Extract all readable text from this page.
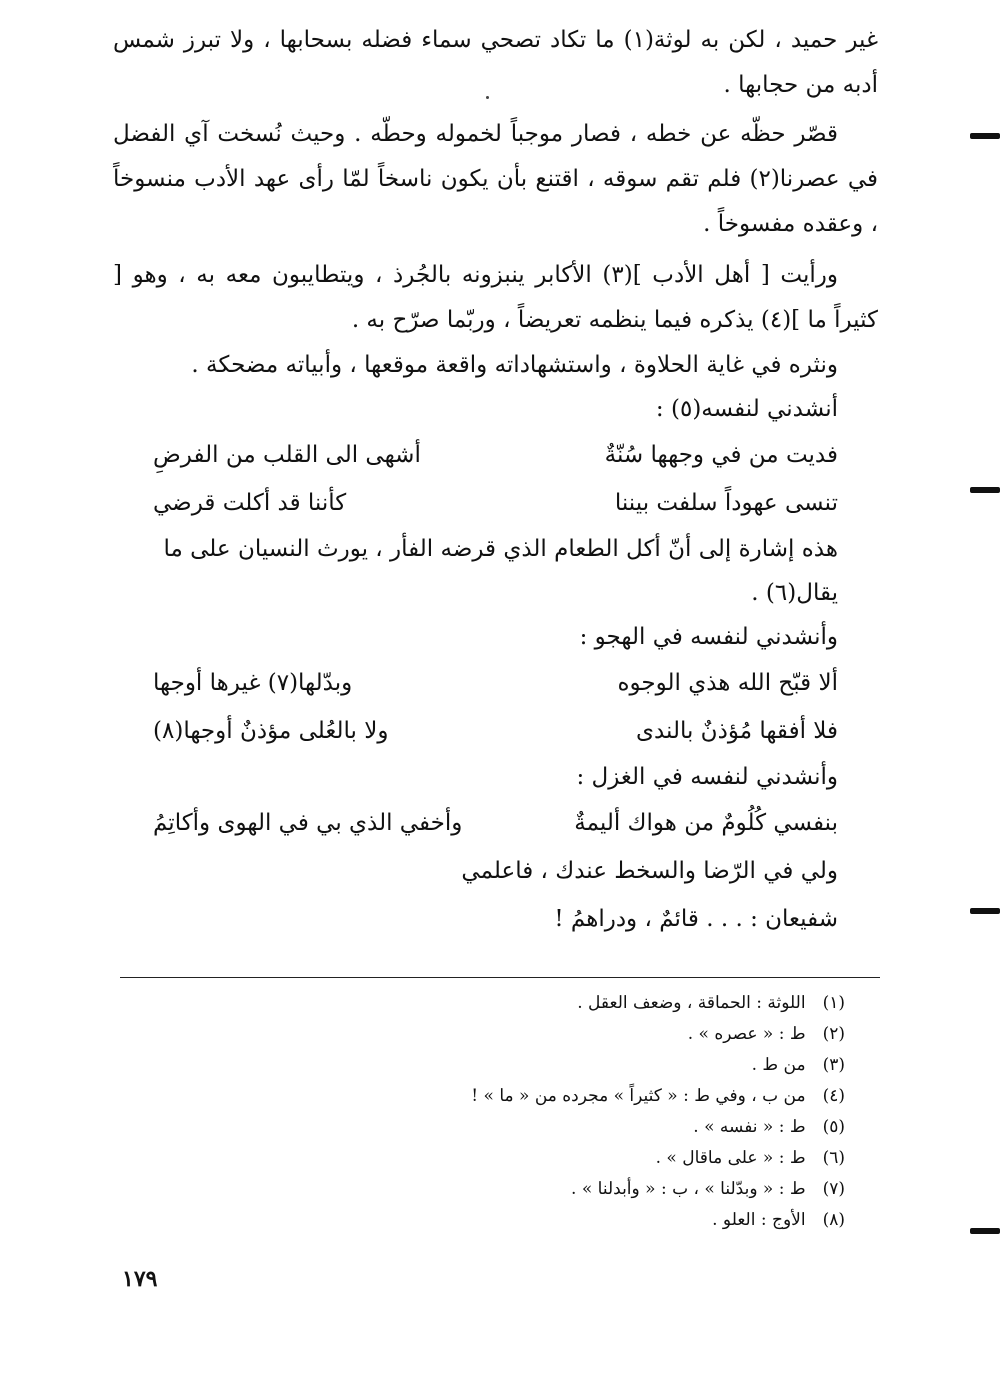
غير حميد ، لكن به لوثة(١) ما تكاد تصحي سماء فضله بسحابها ، ولا تبرز شمس أدبه من حجابها .

قصّر حظّه عن خطه ، فصار موجباً لخموله وحطّه . وحيث نُسخت آي الفضل في عصرنا(٢) فلم تقم سوقه ، اقتنع بأن يكون ناسخاً لمّا رأى عهد الأدب منسوخاً ، وعقده مفسوخاً .

ورأيت [ أهل الأدب ](٣) الأكابر ينبزونه بالجُرذ ، ويتطايبون معه به ، وهو [ كثيراً ما ](٤) يذكره فيما ينظمه تعريضاً ، وربّما صرّح به .

ونثره في غاية الحلاوة ، واستشهاداته واقعة موقعها ، وأبياته مضحكة .

أنشدني لنفسه(٥) :

فديت من في وجهها سُنّةٌ
أشهى الى القلب من الفرضِ
تنسى عهوداً سلفت بيننا
كأننا قد أكلت قرضي

هذه إشارة إلى أنّ أكل الطعام الذي قرضه الفأر ، يورث النسيان على ما يقال(٦) .

وأنشدني لنفسه في الهجو :

ألا قبّح الله هذي الوجوه
وبدّلها(٧) غيرها أوجها
فلا أفقها مُؤذنٌ بالندى
ولا بالعُلى مؤذنٌ أوجها(٨)

وأنشدني لنفسه في الغزل :

بنفسي كُلُومٌ من هواك أليمةٌ
وأخفي الذي بي في الهوى وأكاتِمُ
ولي في الرّضا والسخط عندك ، فاعلمي
شفيعان : . . . قائمٌ ، ودراهمُ !

(١) اللوثة : الحماقة ، وضعف العقل .

(٢) ط : « عصره » .

(٣) من ط .

(٤) من ب ، وفي ط : « كثيراً » مجرده من « ما » !

(٥) ط : « نفسه » .

(٦) ط : « على ماقال » .

(٧) ط : « وبدّلنا » ، ب : « وأبدلنا » .

(٨) الأوج : العلو .

١٧٩
